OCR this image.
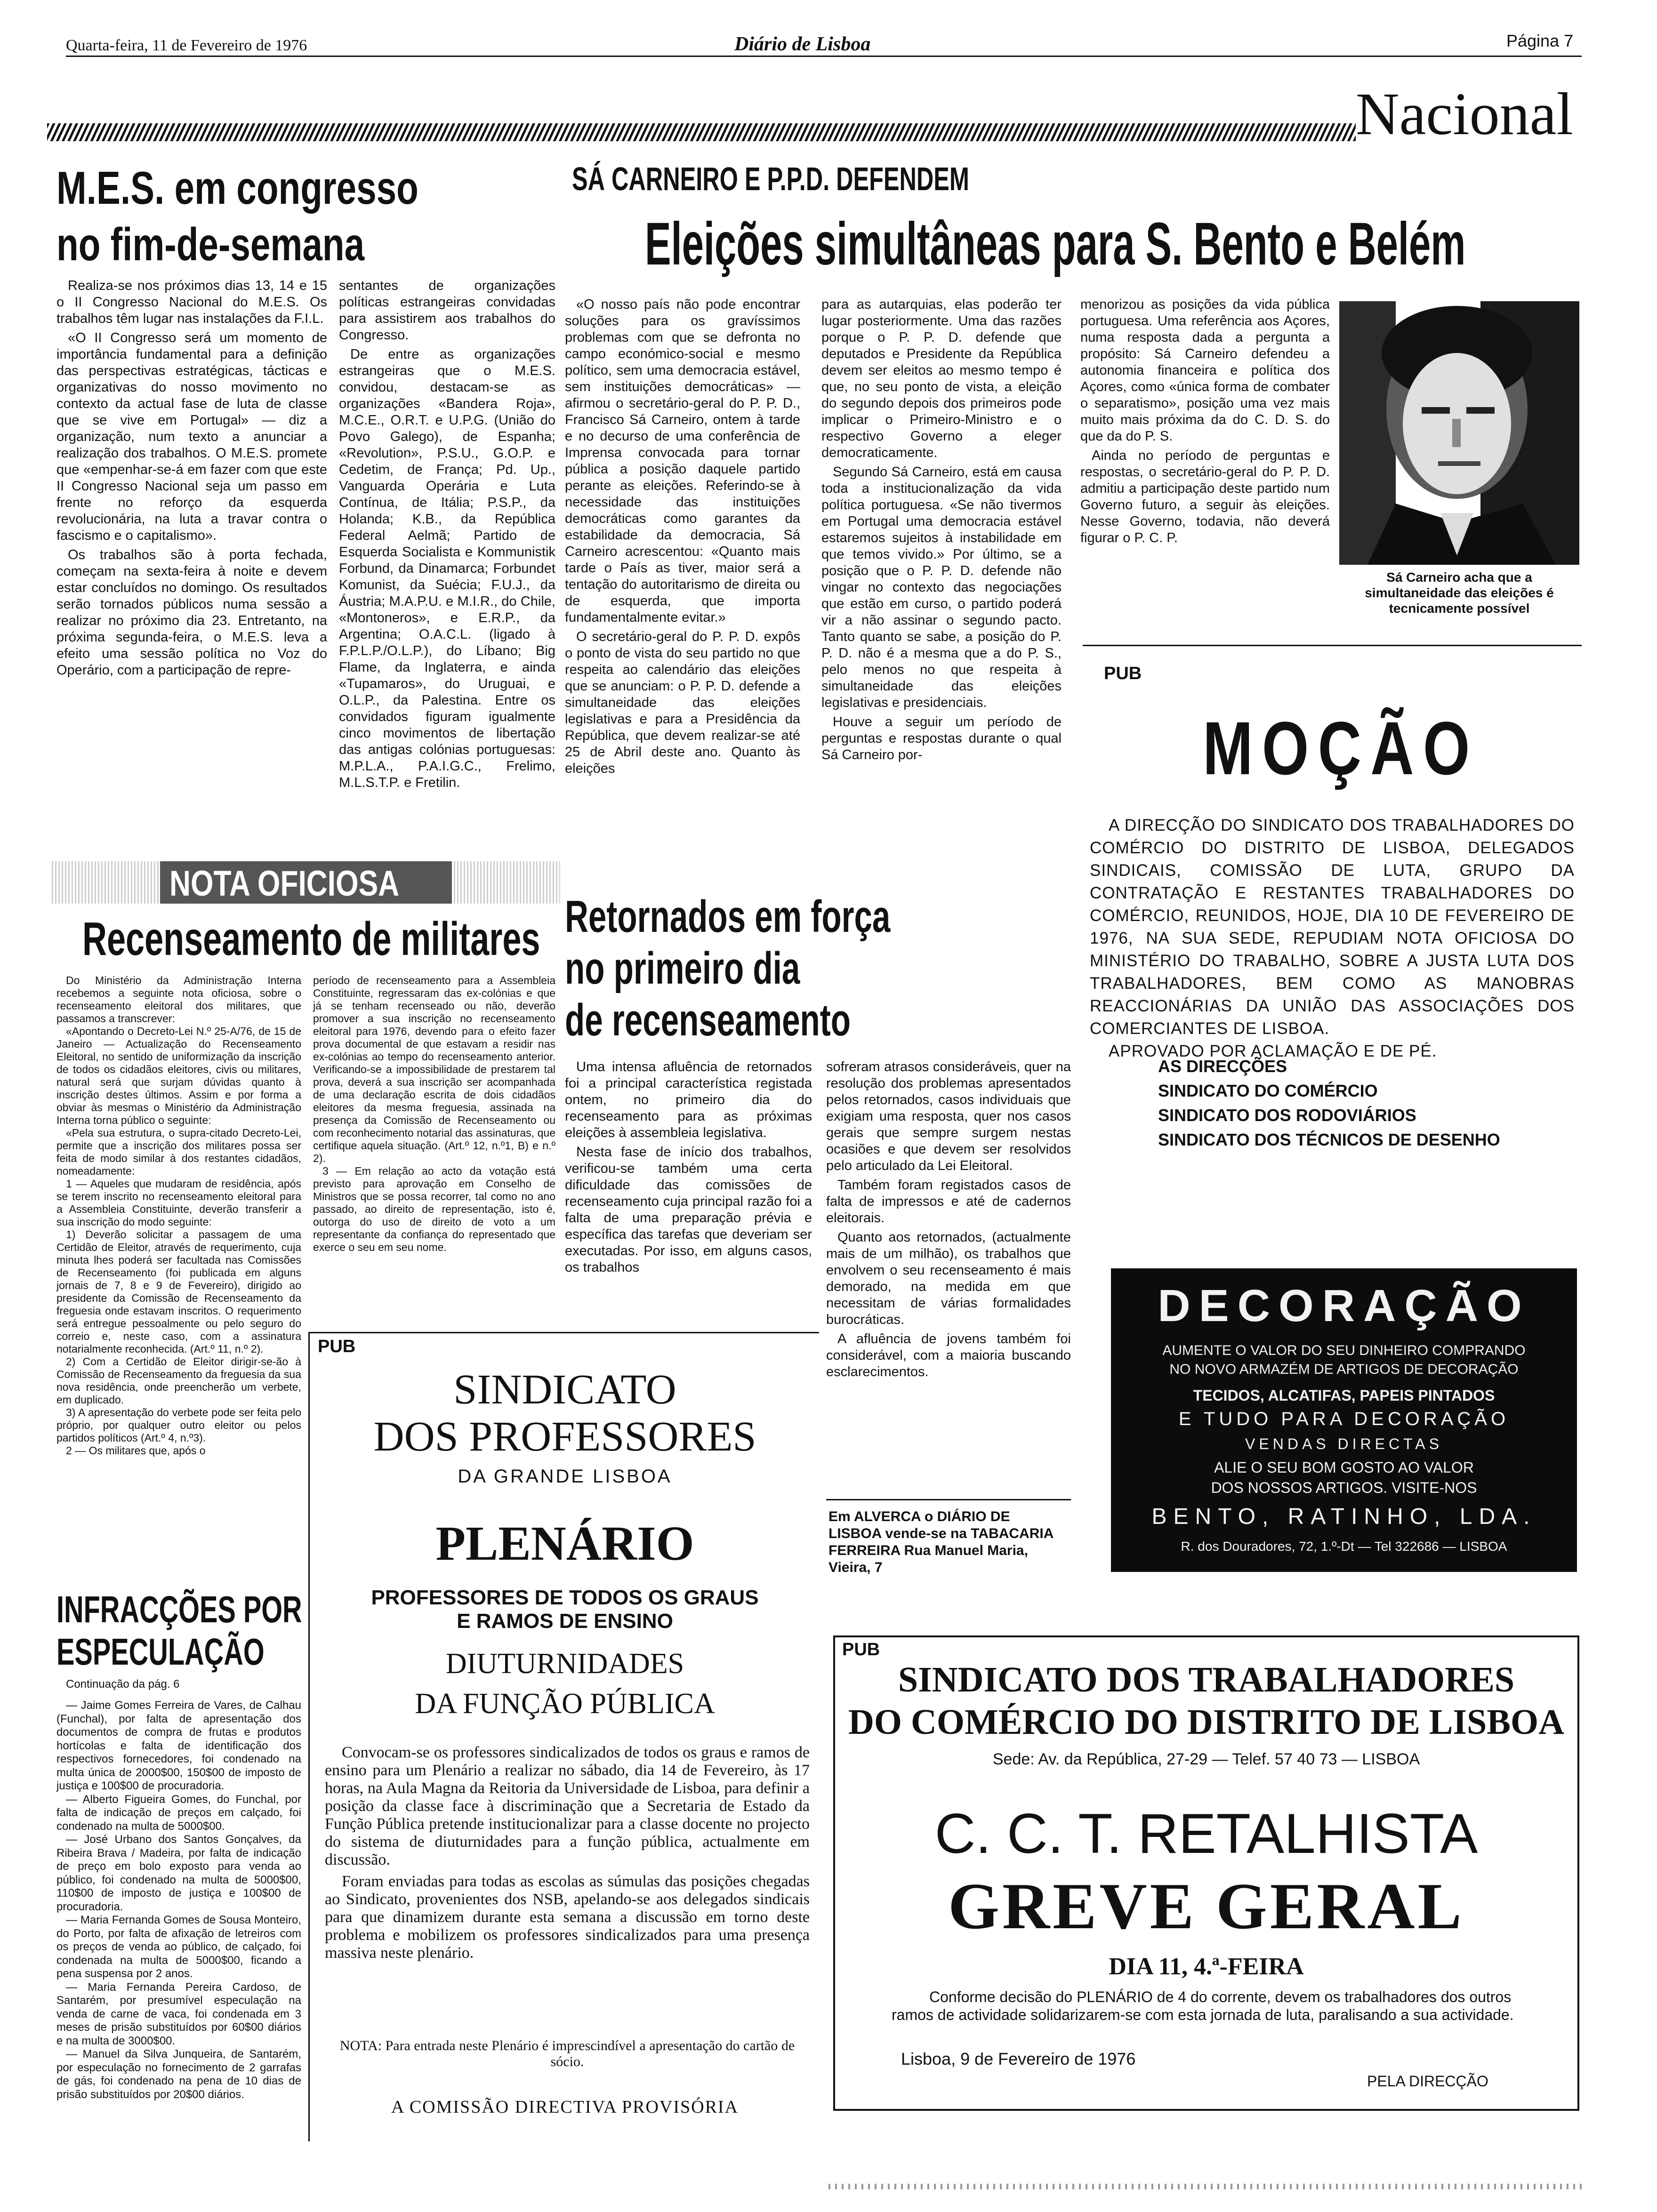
Quarta-feira, 11 de Fevereiro de 1976	Diário de Lisboa	Página 7
Nacional
M.E.S. em congresso
no fim-de-semana

Realiza-se nos próximos dias 13, 14 e 15 o II Congresso Nacional do M.E.S. Os trabalhos têm lugar nas instalações da F.I.L.

«O II Congresso será um momento de importância fundamental para a definição das perspectivas estratégicas, tácticas e organizativas do nosso movimento no contexto da actual fase de luta de classe que se vive em Portugal» — diz a organização, num texto a anunciar a realização dos trabalhos. O M.E.S. promete que «empenhar-se-á em fazer com que este II Congresso Nacional seja um passo em frente no reforço da esquerda revolucionária, na luta a travar contra o fascismo e o capitalismo».

Os trabalhos são à porta fechada, começam na sexta-feira à noite e devem estar concluídos no domingo. Os resultados serão tornados públicos numa sessão a realizar no próximo dia 23. Entretanto, na próxima segunda-feira, o M.E.S. leva a efeito uma sessão política no Voz do Operário, com a participação de repre-

sentantes de organizações políticas estrangeiras convidadas para assistirem aos trabalhos do Congresso.

De entre as organizações estrangeiras que o M.E.S. convidou, destacam-se as organizações «Bandera Roja», M.C.E., O.R.T. e U.P.G. (União do Povo Galego), de Espanha; «Revolution», P.S.U., G.O.P. e Cedetim, de França; Pd. Up., Vanguarda Operária e Luta Contínua, de Itália; P.S.P., da Holanda; K.B., da República Federal Aelmã; Partido de Esquerda Socialista e Kommunistik Forbund, da Dinamarca; Forbundet Komunist, da Suécia; F.U.J., da Áustria; M.A.P.U. e M.I.R., do Chile, «Montoneros», e E.R.P., da Argentina; O.A.C.L. (ligado à F.P.L.P./O.L.P.), do Líbano; Big Flame, da Inglaterra, e ainda «Tupamaros», do Uruguai, e O.L.P., da Palestina. Entre os convidados figuram igualmente cinco movimentos de libertação das antigas colónias portuguesas: M.P.L.A., P.A.I.G.C., Frelimo, M.L.S.T.P. e Fretilin.

SÁ CARNEIRO E P.P.D. DEFENDEM
Eleições simultâneas para S. Bento e Belém

«O nosso país não pode encontrar soluções para os gravíssimos problemas com que se defronta no campo económico-social e mesmo político, sem uma democracia estável, sem instituições democráticas» — afirmou o secretário-geral do P. P. D., Francisco Sá Carneiro, ontem à tarde e no decurso de uma conferência de Imprensa convocada para tornar pública a posição daquele partido perante as eleições. Referindo-se à necessidade das instituições democráticas como garantes da estabilidade da democracia, Sá Carneiro acrescentou: «Quanto mais tarde o País as tiver, maior será a tentação do autoritarismo de direita ou de esquerda, que importa fundamentalmente evitar.»

O secretário-geral do P. P. D. expôs o ponto de vista do seu partido no que respeita ao calendário das eleições que se anunciam: o P. P. D. defende a simultaneidade das eleições legislativas e para a Presidência da República, que devem realizar-se até 25 de Abril deste ano. Quanto às eleições

para as autarquias, elas poderão ter lugar posteriormente. Uma das razões porque o P. P. D. defende que deputados e Presidente da República devem ser eleitos ao mesmo tempo é que, no seu ponto de vista, a eleição do segundo depois dos primeiros pode implicar o Primeiro-Ministro e o respectivo Governo a eleger democraticamente.

Segundo Sá Carneiro, está em causa toda a institucionalização da vida política portuguesa. «Se não tivermos em Portugal uma democracia estável estaremos sujeitos à instabilidade em que temos vivido.» Por último, se a posição que o P. P. D. defende não vingar no contexto das negociações que estão em curso, o partido poderá vir a não assinar o segundo pacto. Tanto quanto se sabe, a posição do P. P. D. não é a mesma que a do P. S., pelo menos no que respeita à simultaneidade das eleições legislativas e presidenciais.

Houve a seguir um período de perguntas e respostas durante o qual Sá Carneiro por-

menorizou as posições da vida pública portuguesa. Uma referência aos Açores, numa resposta dada a pergunta a propósito: Sá Carneiro defendeu a autonomia financeira e política dos Açores, como «única forma de combater o separatismo», posição uma vez mais muito mais próxima da do C. D. S. do que da do P. S.

Ainda no período de perguntas e respostas, o secretário-geral do P. P. D. admitiu a participação deste partido num Governo futuro, a seguir às eleições. Nesse Governo, todavia, não deverá figurar o P. C. P.

Sá Carneiro acha que a simultaneidade das eleições é tecnicamente possível
PUB
MOÇÃO
A DIRECÇÃO DO SINDICATO DOS TRABALHADORES DO COMÉRCIO DO DISTRITO DE LISBOA, DELEGADOS SINDICAIS, COMISSÃO DE LUTA, GRUPO DA CONTRATAÇÃO E RESTANTES TRABALHADORES DO COMÉRCIO, REUNIDOS, HOJE, DIA 10 DE FEVEREIRO DE 1976, NA SUA SEDE, REPUDIAM NOTA OFICIOSA DO MINISTÉRIO DO TRABALHO, SOBRE A JUSTA LUTA DOS TRABALHADORES, BEM COMO AS MANOBRAS REACCIONÁRIAS DA UNIÃO DAS ASSOCIAÇÕES DOS COMERCIANTES DE LISBOA.
APROVADO POR ACLAMAÇÃO E DE PÉ.
AS DIRECÇÕES
SINDICATO DO COMÉRCIO
SINDICATO DOS RODOVIÁRIOS
SINDICATO DOS TÉCNICOS DE DESENHO
NOTA OFICIOSA
Recenseamento de militares

Do Ministério da Administração Interna recebemos a seguinte nota oficiosa, sobre o recenseamento eleitoral dos militares, que passamos a transcrever:

«Apontando o Decreto-Lei N.º 25-A/76, de 15 de Janeiro — Actualização do Recenseamento Eleitoral, no sentido de uniformização da inscrição de todos os cidadãos eleitores, civis ou militares, natural será que surjam dúvidas quanto à inscrição destes últimos. Assim e por forma a obviar às mesmas o Ministério da Administração Interna torna público o seguinte:

«Pela sua estrutura, o supra-citado Decreto-Lei, permite que a inscrição dos militares possa ser feita de modo similar à dos restantes cidadãos, nomeadamente:

1 — Aqueles que mudaram de residência, após se terem inscrito no recenseamento eleitoral para a Assembleia Constituinte, deverão transferir a sua inscrição do modo seguinte:

1) Deverão solicitar a passagem de uma Certidão de Eleitor, através de requerimento, cuja minuta lhes poderá ser facultada nas Comissões de Recenseamento (foi publicada em alguns jornais de 7, 8 e 9 de Fevereiro), dirigido ao presidente da Comissão de Recenseamento da freguesia onde estavam inscritos. O requerimento será entregue pessoalmente ou pelo seguro do correio e, neste caso, com a assinatura notarialmente reconhecida. (Art.º 11, n.º 2).

2) Com a Certidão de Eleitor dirigir-se-ão à Comissão de Recenseamento da freguesia da sua nova residência, onde preencherão um verbete, em duplicado.

3) A apresentação do verbete pode ser feita pelo próprio, por qualquer outro eleitor ou pelos partidos políticos (Art.º 4, n.º3).

2 — Os militares que, após o

período de recenseamento para a Assembleia Constituinte, regressaram das ex-colónias e que já se tenham recenseado ou não, deverão promover a sua inscrição no recenseamento eleitoral para 1976, devendo para o efeito fazer prova documental de que estavam a residir nas ex-colónias ao tempo do recenseamento anterior. Verificando-se a impossibilidade de prestarem tal prova, deverá a sua inscrição ser acompanhada de uma declaração escrita de dois cidadãos eleitores da mesma freguesia, assinada na presença da Comissão de Recenseamento ou com reconhecimento notarial das assinaturas, que certifique aquela situação. (Art.º 12, n.º1, B) e n.º 2).

3 — Em relação ao acto da votação está previsto para aprovação em Conselho de Ministros que se possa recorrer, tal como no ano passado, ao direito de representação, isto é, outorga do uso de direito de voto a um representante da confiança do representado que exerce o seu em seu nome.

Retornados em força
no primeiro dia
de recenseamento

Uma intensa afluência de retornados foi a principal característica registada ontem, no primeiro dia do recenseamento para as próximas eleições à assembleia legislativa.

Nesta fase de início dos trabalhos, verificou-se também uma certa dificuldade das comissões de recenseamento cuja principal razão foi a falta de uma preparação prévia e específica das tarefas que deveriam ser executadas. Por isso, em alguns casos, os trabalhos

sofreram atrasos consideráveis, quer na resolução dos problemas apresentados pelos retornados, casos individuais que exigiam uma resposta, quer nos casos gerais que sempre surgem nestas ocasiões e que devem ser resolvidos pelo articulado da Lei Eleitoral.

Também foram registados casos de falta de impressos e até de cadernos eleitorais.

Quanto aos retornados, (actualmente mais de um milhão), os trabalhos que envolvem o seu recenseamento é mais demorado, na medida em que necessitam de várias formalidades burocráticas.

A afluência de jovens também foi considerável, com a maioria buscando esclarecimentos.

Em ALVERCA o DIÁRIO DE LISBOA vende-se na TABACARIA FERREIRA Rua Manuel Maria, Vieira, 7
PUB
SINDICATO
DOS PROFESSORES
DA GRANDE LISBOA
PLENÁRIO
PROFESSORES DE TODOS OS GRAUS
E RAMOS DE ENSINO
DIUTURNIDADES
DA FUNÇÃO PÚBLICA

Convocam-se os professores sindicalizados de todos os graus e ramos de ensino para um Plenário a realizar no sábado, dia 14 de Fevereiro, às 17 horas, na Aula Magna da Reitoria da Universidade de Lisboa, para definir a posição da classe face à discriminação que a Secretaria de Estado da Função Pública pretende institucionalizar para a classe docente no projecto do sistema de diuturnidades para a função pública, actualmente em discussão.

Foram enviadas para todas as escolas as súmulas das posições chegadas ao Sindicato, provenientes dos NSB, apelando-se aos delegados sindicais para que dinamizem durante esta semana a discussão em torno deste problema e mobilizem os professores sindicalizados para uma presença massiva neste plenário.

NOTA: Para entrada neste Plenário é imprescindível a apresentação do cartão de sócio.
A COMISSÃO DIRECTIVA PROVISÓRIA
INFRACÇÕES POR
ESPECULAÇÃO
Continuação da pág. 6

— Jaime Gomes Ferreira de Vares, de Calhau (Funchal), por falta de apresentação dos documentos de compra de frutas e produtos hortícolas e falta de identificação dos respectivos fornecedores, foi condenado na multa única de 2000$00, 150$00 de imposto de justiça e 100$00 de procuradoria.

— Alberto Figueira Gomes, do Funchal, por falta de indicação de preços em calçado, foi condenado na multa de 5000$00.

— José Urbano dos Santos Gonçalves, da Ribeira Brava / Madeira, por falta de indicação de preço em bolo exposto para venda ao público, foi condenado na multa de 5000$00, 110$00 de imposto de justiça e 100$00 de procuradoria.

— Maria Fernanda Gomes de Sousa Monteiro, do Porto, por falta de afixação de letreiros com os preços de venda ao público, de calçado, foi condenada na multa de 5000$00, ficando a pena suspensa por 2 anos.

— Maria Fernanda Pereira Cardoso, de Santarém, por presumível especulação na venda de carne de vaca, foi condenada em 3 meses de prisão substituídos por 60$00 diários e na multa de 3000$00.

— Manuel da Silva Junqueira, de Santarém, por especulação no fornecimento de 2 garrafas de gás, foi condenado na pena de 10 dias de prisão substituídos por 20$00 diários.

DECORAÇÃO
AUMENTE O VALOR DO SEU DINHEIRO COMPRANDO
NO NOVO ARMAZÉM DE ARTIGOS DE DECORAÇÃO
TECIDOS, ALCATIFAS, PAPEIS PINTADOS
E TUDO PARA DECORAÇÃO
VENDAS DIRECTAS
ALIE O SEU BOM GOSTO AO VALOR
DOS NOSSOS ARTIGOS. VISITE-NOS
BENTO, RATINHO, LDA.
R. dos Douradores, 72, 1.º-Dt — Tel 322686 — LISBOA
PUB
SINDICATO DOS TRABALHADORES
DO COMÉRCIO DO DISTRITO DE LISBOA
Sede: Av. da República, 27-29 — Telef. 57 40 73 — LISBOA
C. C. T. RETALHISTA
GREVE GERAL
DIA 11, 4.ª-FEIRA
Conforme decisão do PLENÁRIO de 4 do corrente, devem os trabalhadores dos outros ramos de actividade solidarizarem-se com esta jornada de luta, paralisando a sua actividade.
Lisboa, 9 de Fevereiro de 1976
PELA DIRECÇÃO
